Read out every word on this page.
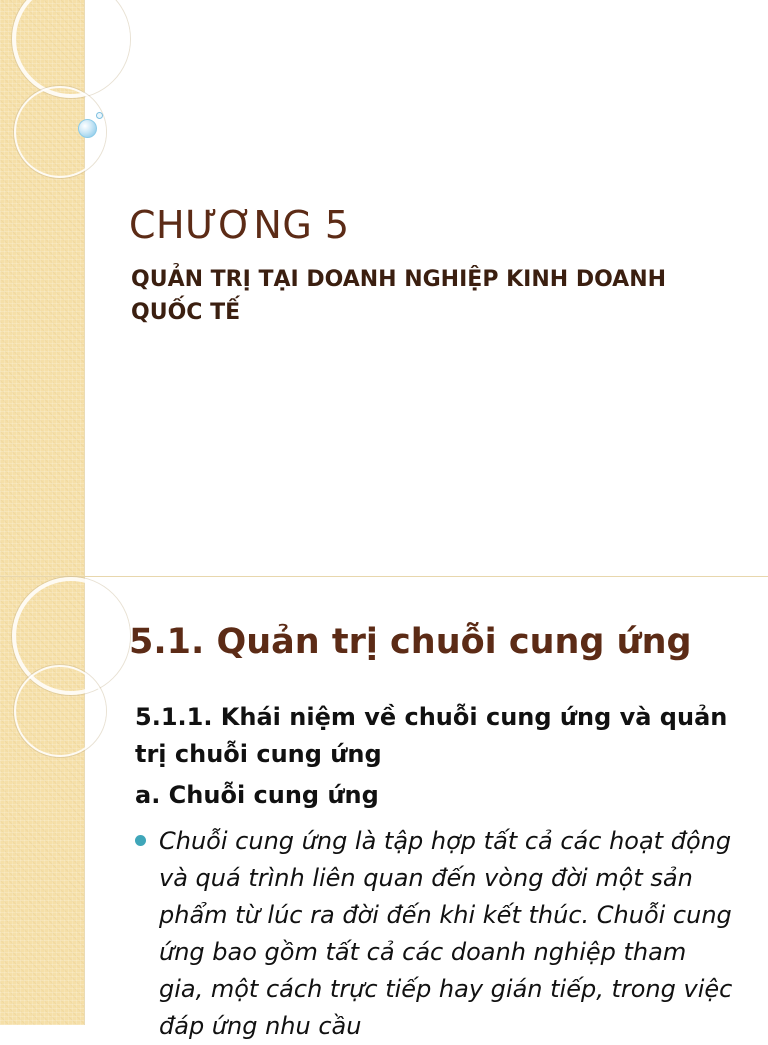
CHƯƠNG 5

QUẢN TRỊ TẠI DOANH NGHIỆP KINH DOANH QUỐC TẾ

5.1. Quản trị chuỗi cung ứng

5.1.1. Khái niệm về chuỗi cung ứng và quản trị chuỗi cung ứng

a. Chuỗi cung ứng

Chuỗi cung ứng là tập hợp tất cả các hoạt động và quá trình liên quan đến vòng đời một sản phẩm từ lúc ra đời đến khi kết thúc. Chuỗi cung ứng bao gồm tất cả các doanh nghiệp tham gia, một cách trực tiếp hay gián tiếp, trong việc đáp ứng nhu cầu
